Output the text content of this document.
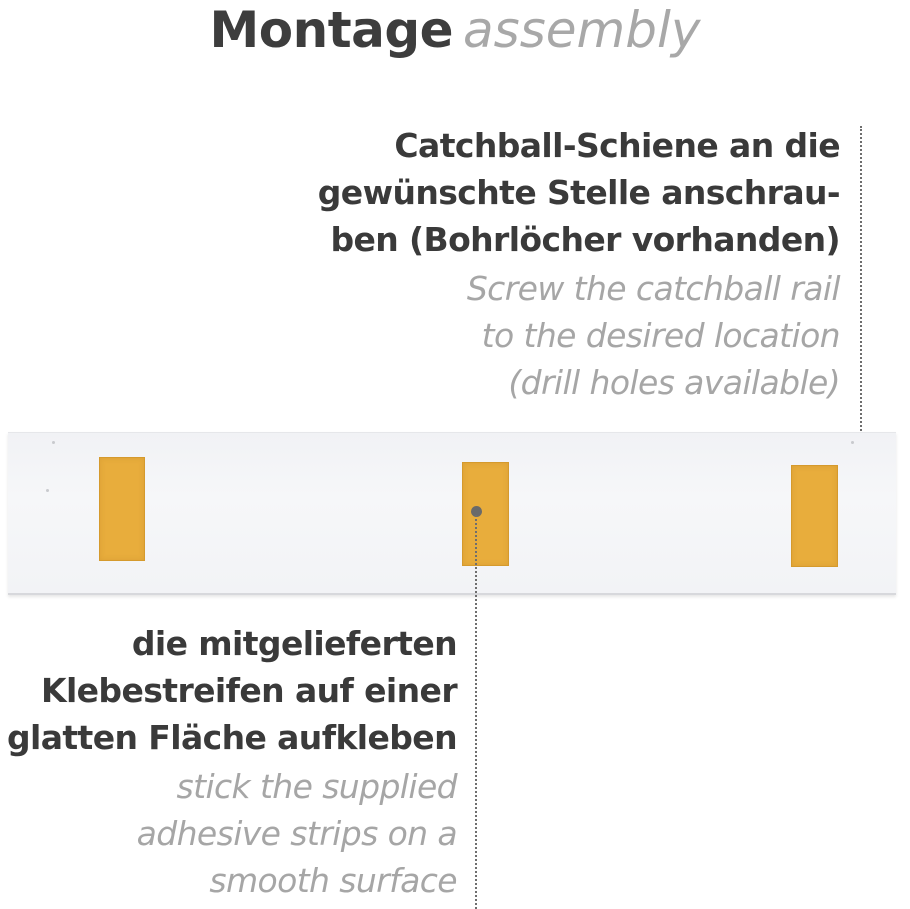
Montage assembly
Catchball-Schiene an die
gewünschte Stelle anschrau-
ben (Bohrlöcher vorhanden)
Screw the catchball rail
to the desired location
(drill holes available)
die mitgelieferten
Klebestreifen auf einer
glatten Fläche aufkleben
stick the supplied
adhesive strips on a
smooth surface
